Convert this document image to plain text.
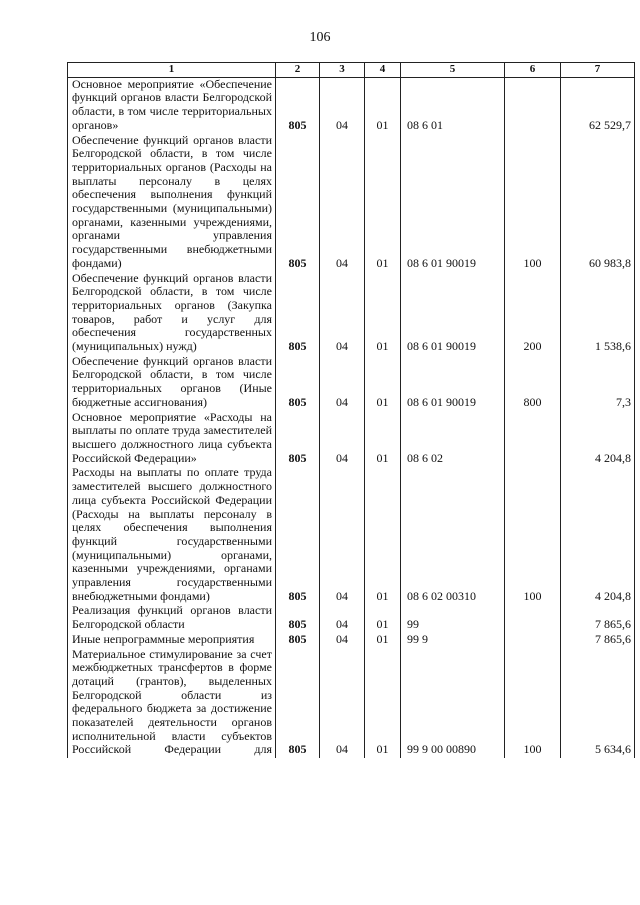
106
1	2	3	4	5	6	7
Основное мероприятие «Обеспечение функций органов власти Белгородской области, в том числе территориальных органов»	805	04	01	08 6 01		62 529,7
Обеспечение функций органов власти Белгородской области, в том числе территориальных органов (Расходы на выплаты персоналу в целях обеспечения выполнения функций государственными (муниципальными) органами, казенными учреждениями, органами управления государственными внебюджетными фондами)	805	04	01	08 6 01 90019	100	60 983,8
Обеспечение функций органов власти Белгородской области, в том числе территориальных органов (Закупка товаров, работ и услуг для обеспечения государственных (муниципальных) нужд)	805	04	01	08 6 01 90019	200	1 538,6
Обеспечение функций органов власти Белгородской области, в том числе территориальных органов (Иные бюджетные ассигнования)	805	04	01	08 6 01 90019	800	7,3
Основное мероприятие «Расходы на выплаты по оплате труда заместителей высшего должностного лица субъекта Российской Федерации»	805	04	01	08 6 02		4 204,8
Расходы на выплаты по оплате труда заместителей высшего должностного лица субъекта Российской Федерации (Расходы на выплаты персоналу в целях обеспечения выполнения функций государственными (муниципальными) органами, казенными учреждениями, органами управления государственными внебюджетными фондами)	805	04	01	08 6 02 00310	100	4 204,8
Реализация функций органов власти Белгородской области	805	04	01	99		7 865,6
Иные непрограммные мероприятия	805	04	01	99 9		7 865,6
Материальное стимулирование за счет межбюджетных трансфертов в форме дотаций (грантов), выделенных Белгородской области из федерального бюджета за достижение показателей деятельности органов исполнительной власти субъектов Российской Федерации для	805	04	01	99 9 00 00890	100	5 634,6
